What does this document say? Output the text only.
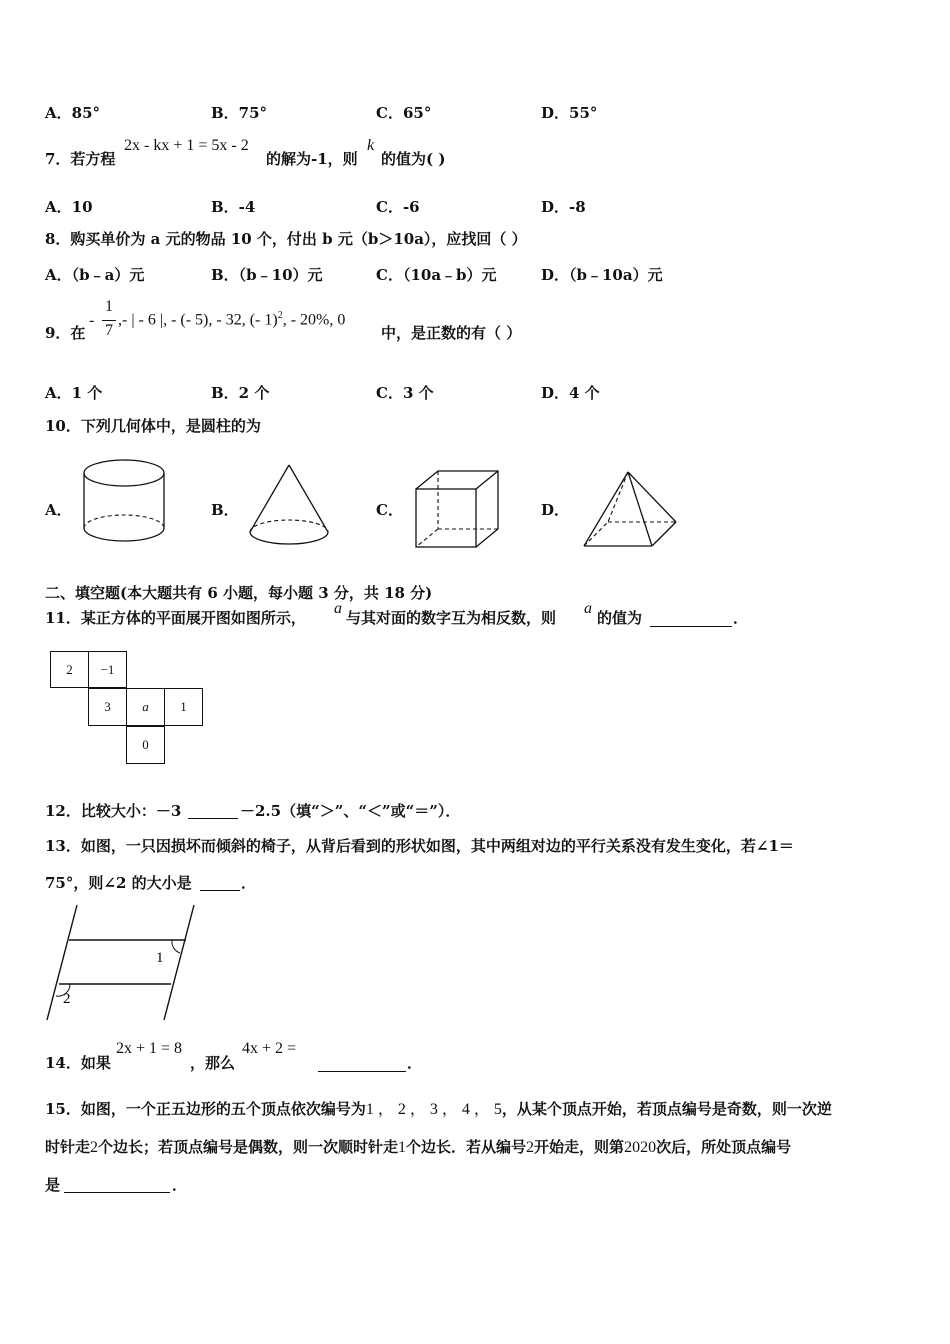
A．85°	B．75°	C．65°	D．55°
7．若方程
2x - kx + 1 = 5x - 2
的解为-1，则
k
的值为( )
A．10	B．-4	C．-6	D．-8
8．购买单价为 a 元的物品 10 个，付出 b 元（b＞10a），应找回（ ）
A．（b﹣a）元	B．（b﹣10）元	C．（10a﹣b）元	D．（b﹣10a）元
9．在
-
1
7
,- | - 6 |, - (- 5), - 32, (- 1)$^2$, - 20%, 0
中，是正数的有（ ）
A．1 个	B．2 个	C．3 个	D．4 个
10．下列几何体中，是圆柱的为
A．	B．	C．	D．
二、填空题(本大题共有 6 小题，每小题 3 分，共 18 分)
11．某正方体的平面展开图如图所示，
a
与其对面的数字互为相反数，则
a
的值为	．
2	−1
3	a	1
0
12．比较大小：－3	－2.5（填“＞”、“＜”或“＝”）．
13．如图，一只因损坏而倾斜的椅子，从背后看到的形状如图，其中两组对边的平行关系没有发生变化，若∠1＝
75°，则∠2 的大小是	．
1
2
14．如果
2x + 1 = 8
，那么
4x + 2 =
．
15．如图，一个正五边形的五个顶点依次编号为1 ， 2 ， 3 ， 4 ， 5，从某个顶点开始，若顶点编号是奇数，则一次逆
时针走2个边长；若顶点编号是偶数，则一次顺时针走1个边长．若从编号2开始走，则第2020次后，所处顶点编号
是	．
